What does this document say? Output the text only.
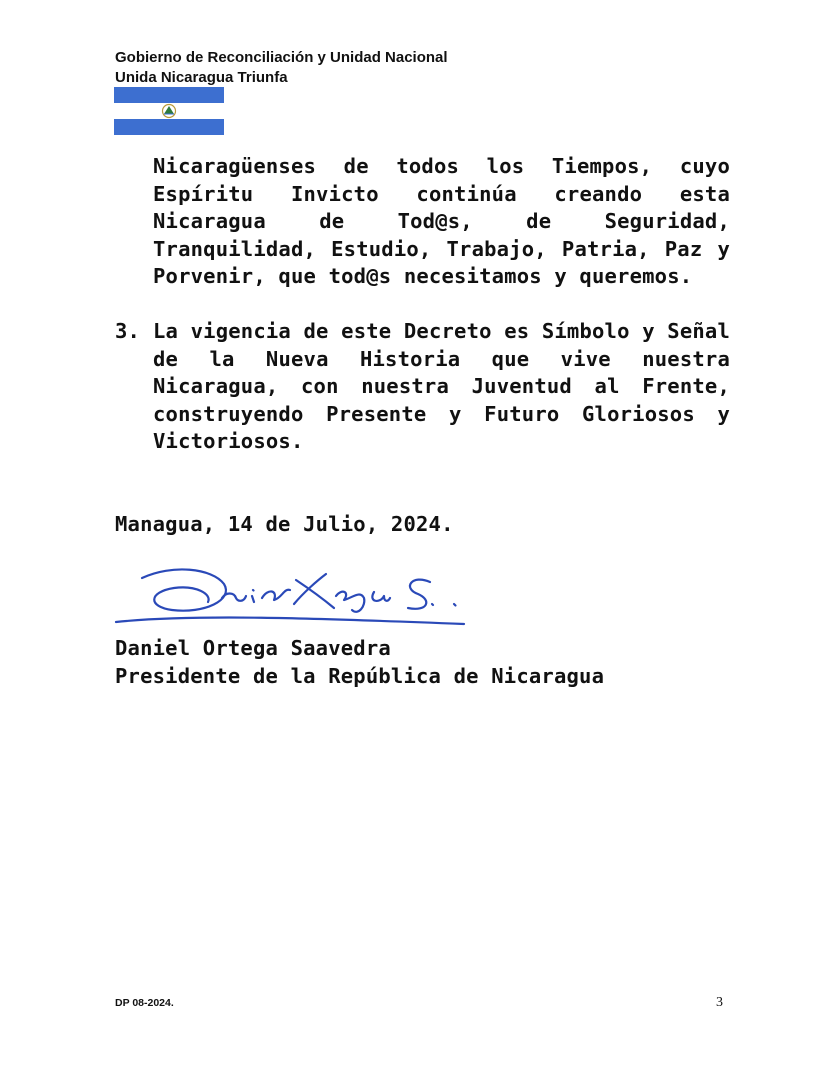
Gobierno de Reconciliación y Unidad Nacional
Unida Nicaragua Triunfa

Nicaragüenses de todos los Tiempos, cuyo Espíritu Invicto continúa creando esta Nicaragua de Tod@s, de Seguridad, Tranquilidad, Estudio, Trabajo, Patria, Paz y Porvenir, que tod@s necesitamos y queremos.

3. La vigencia de este Decreto es Símbolo y Señal de la Nueva Historia que vive nuestra Nicaragua, con nuestra Juventud al Frente, construyendo Presente y Futuro Gloriosos y Victoriosos.

Managua, 14 de Julio, 2024.

Daniel Ortega Saavedra

Presidente de la República de Nicaragua

DP 08-2024.	3
